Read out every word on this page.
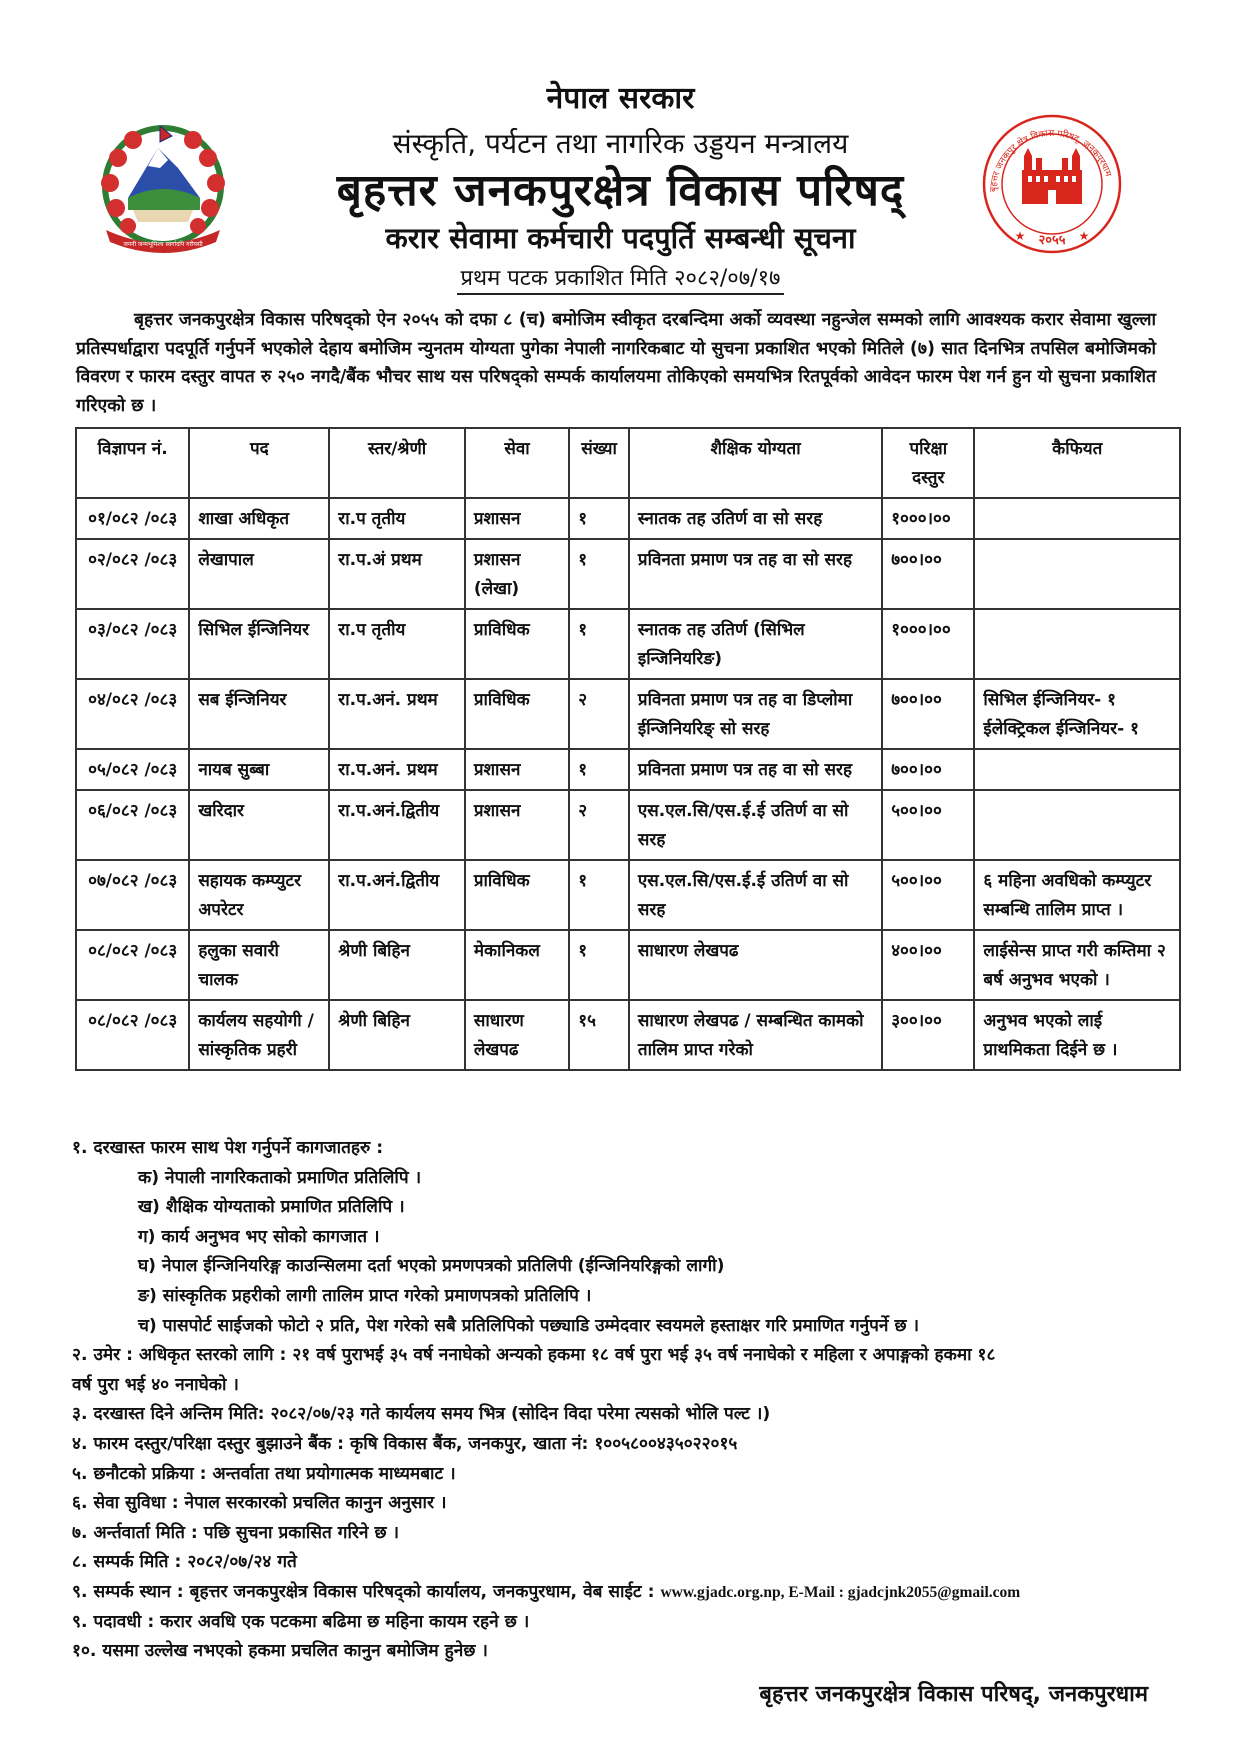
जननी जन्मभूमिश्च स्वर्गादपि गरीयसी
बृहत्तर जनकपुर क्षेत्र विकास परिषद्, जनकपुरधाम
२०५५
★	★
नेपाल सरकार
संस्कृति, पर्यटन तथा नागरिक उड्डयन मन्त्रालय
बृहत्तर जनकपुरक्षेत्र विकास परिषद्
करार सेवामा कर्मचारी पदपुर्ति सम्बन्धी सूचना
प्रथम पटक प्रकाशित मिति २०८२/०७/१७

बृहत्तर जनकपुरक्षेत्र विकास परिषद्को ऐन २०५५ को दफा ८ (च) बमोजिम स्वीकृत दरबन्दिमा अर्को व्यवस्था नहुन्जेल सम्मको लागि आवश्यक करार सेवामा खुल्ला प्रतिस्पर्धाद्वारा पदपूर्ति गर्नुपर्ने भएकोले देहाय बमोजिम न्युनतम योग्यता पुगेका नेपाली नागरिकबाट यो सुचना प्रकाशित भएको मितिले (७) सात दिनभित्र तपसिल बमोजिमको विवरण र फारम दस्तुर वापत रु २५० नगदै/बैंक भौचर साथ यस परिषद्को सम्पर्क कार्यालयमा तोकिएको समयभित्र रितपूर्वको आवेदन फारम पेश गर्न हुन यो सुचना प्रकाशित गरिएको छ ।

विज्ञापन नं.	पद	स्तर/श्रेणी	सेवा	संख्या	शैक्षिक योग्यता	परिक्षा दस्तुर	कैफियत
०१/०८२ /०८३	शाखा अधिकृत	रा.प तृतीय	प्रशासन	१	स्नातक तह उतिर्ण वा सो सरह	१०००।००	
०२/०८२ /०८३	लेखापाल	रा.प.अं प्रथम	प्रशासन (लेखा)	१	प्रविनता प्रमाण पत्र तह वा सो सरह	७००।००	
०३/०८२ /०८३	सिभिल ईन्जिनियर	रा.प तृतीय	प्राविधिक	१	स्नातक तह उतिर्ण (सिभिल इन्जिनियरिङ)	१०००।००	
०४/०८२ /०८३	सब ईन्जिनियर	रा.प.अनं. प्रथम	प्राविधिक	२	प्रविनता प्रमाण पत्र तह वा डिप्लोमा ईन्जिनियरिङ् सो सरह	७००।००	सिभिल ईन्जिनियर- १ ईलेक्ट्रिकल ईन्जिनियर- १
०५/०८२ /०८३	नायब सुब्बा	रा.प.अनं. प्रथम	प्रशासन	१	प्रविनता प्रमाण पत्र तह वा सो सरह	७००।००	
०६/०८२ /०८३	खरिदार	रा.प.अनं.द्वितीय	प्रशासन	२	एस.एल.सि/एस.ई.ई उतिर्ण वा सो सरह	५००।००	
०७/०८२ /०८३	सहायक कम्प्युटर अपरेटर	रा.प.अनं.द्वितीय	प्राविधिक	१	एस.एल.सि/एस.ई.ई उतिर्ण वा सो सरह	५००।००	६ महिना अवधिको कम्प्युटर सम्बन्धि तालिम प्राप्त ।
०८/०८२ /०८३	हलुका सवारी चालक	श्रेणी बिहिन	मेकानिकल	१	साधारण लेखपढ	४००।००	लाईसेन्स प्राप्त गरी कम्तिमा २ बर्ष अनुभव भएको ।
०८/०८२ /०८३	कार्यलय सहयोगी / सांस्कृतिक प्रहरी	श्रेणी बिहिन	साधारण लेखपढ	१५	साधारण लेखपढ / सम्बन्धित कामको तालिम प्राप्त गरेको	३००।००	अनुभव भएको लाई प्राथमिकता दिईने छ ।
१. दरखास्त फारम साथ पेश गर्नुपर्ने कागजातहरु :
क) नेपाली नागरिकताको प्रमाणित प्रतिलिपि ।
ख) शैक्षिक योग्यताको प्रमाणित प्रतिलिपि ।
ग) कार्य अनुभव भए सोको कागजात ।
घ) नेपाल ईन्जिनियरिङ्ग काउन्सिलमा दर्ता भएको प्रमणपत्रको प्रतिलिपी (ईन्जिनियरिङ्गको लागी)
ङ) सांस्कृतिक प्रहरीको लागी तालिम प्राप्त गरेको प्रमाणपत्रको प्रतिलिपि ।
च) पासपोर्ट साईजको फोटो २ प्रति, पेश गरेको सबै प्रतिलिपिको पछ्याडि उम्मेदवार स्वयमले हस्ताक्षर गरि प्रमाणित गर्नुपर्ने छ ।
२. उमेर : अधिकृत स्तरको लागि : २१ वर्ष पुराभई ३५ वर्ष ननाघेको अन्यको हकमा १८ वर्ष पुरा भई ३५ वर्ष ननाघेको र महिला र अपाङ्गको हकमा १८
वर्ष पुरा भई ४० ननाघेको ।
३. दरखास्त दिने अन्तिम मिति: २०८२/०७/२३ गते कार्यलय समय भित्र (सोदिन विदा परेमा त्यसको भोलि पल्ट ।)
४. फारम दस्तुर/परिक्षा दस्तुर बुझाउने बैंक : कृषि विकास बैंक, जनकपुर, खाता नं: १००५८००४३५०२२०१५
५. छनौटको प्रक्रिया : अन्तर्वाता तथा प्रयोगात्मक माध्यमबाट ।
६. सेवा सुविधा : नेपाल सरकारको प्रचलित कानुन अनुसार ।
७. अर्न्तवार्ता मिति : पछि सुचना प्रकासित गरिने छ ।
८. सम्पर्क मिति : २०८२/०७/२४ गते
९. सम्पर्क स्थान : बृहत्तर जनकपुरक्षेत्र विकास परिषद्को कार्यालय, जनकपुरधाम, वेब साईट : www.gjadc.org.np, E-Mail : gjadcjnk2055@gmail.com
९. पदावधी : करार अवधि एक पटकमा बढिमा छ महिना कायम रहने छ ।
१०. यसमा उल्लेख नभएको हकमा प्रचलित कानुन बमोजिम हुनेछ ।
बृहत्तर जनकपुरक्षेत्र विकास परिषद्, जनकपुरधाम
